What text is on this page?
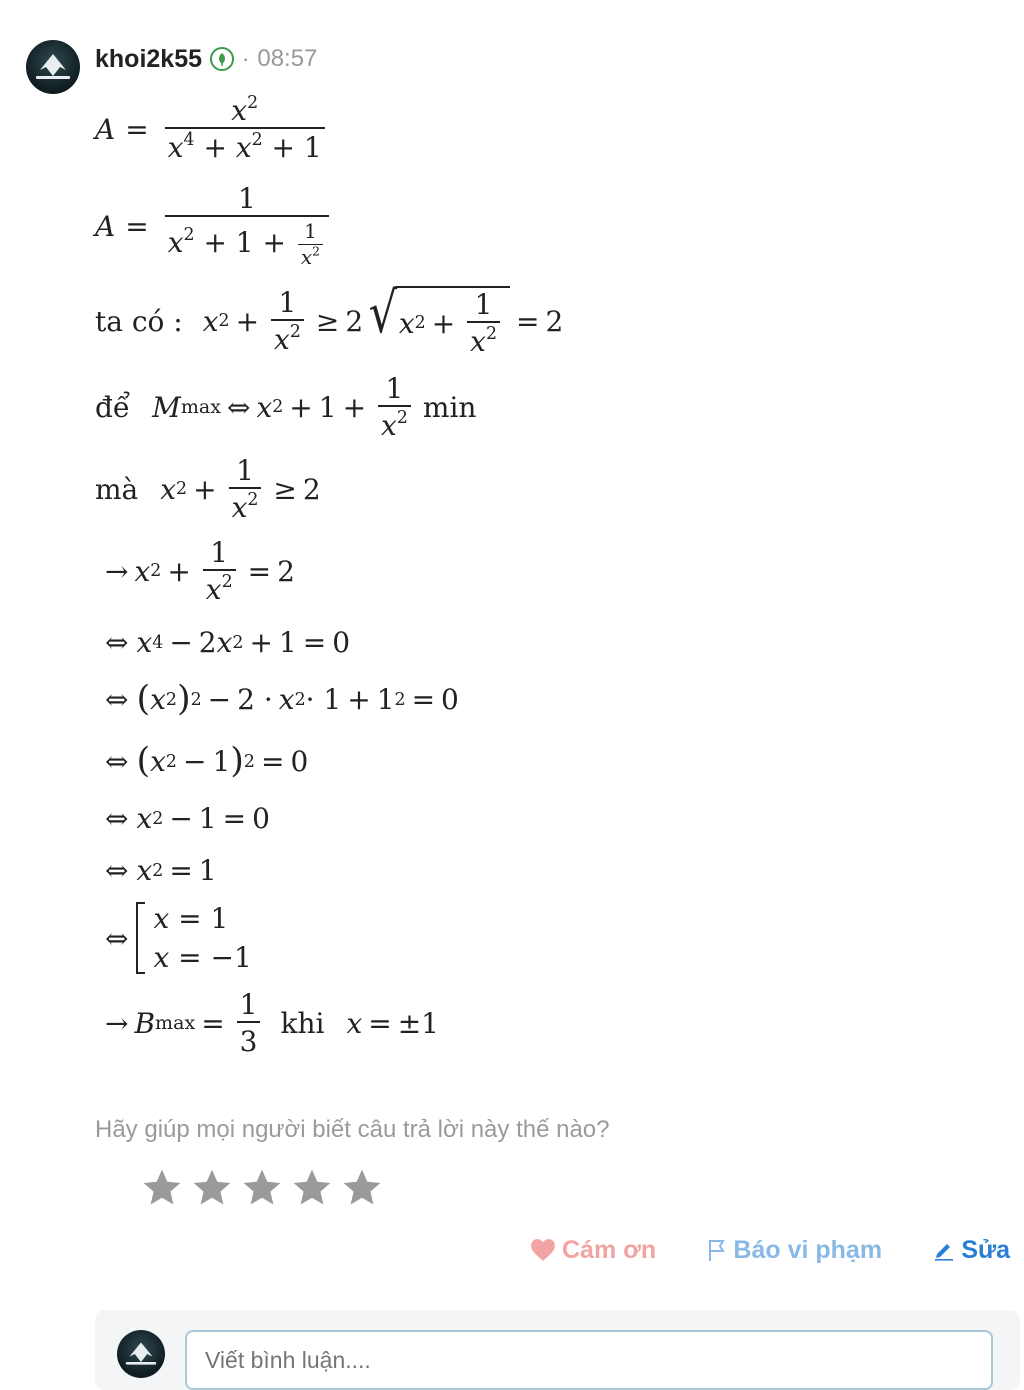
khoi2k55 · 08:57
$A = \frac{x^2}{x^4 + x^2 + 1}$
$A = \frac{1}{x^2 + 1 + \frac{1}{x^2}}$
ta có : x $2 + \frac{1}{x^2} \ge 2$ √ x $2 + \frac{1}{x^2} = 2$
để M max ⇔ x $2 + 1 + \frac{1}{x^2}$ min
mà x $2 + \frac{1}{x^2} \ge 2$
→ x $2 + \frac{1}{x^2} = 2$
⇔ x 4 − 2 x 2 + 1 = 0
⇔ ( x 2 ) 2 − 2 · x 2 · 1 + 1 2 = 0
⇔ ( x 2 − 1 ) 2 = 0
⇔ x 2 − 1 = 0
⇔ x 2 = 1
⇔
x = 1
x = −1
→ B $\max = \frac{1}{3}$ khi x = ±1
Hãy giúp mọi người biết câu trả lời này thế nào?
Cám ơn	Báo vi phạm	Sửa
Viết bình luận....
